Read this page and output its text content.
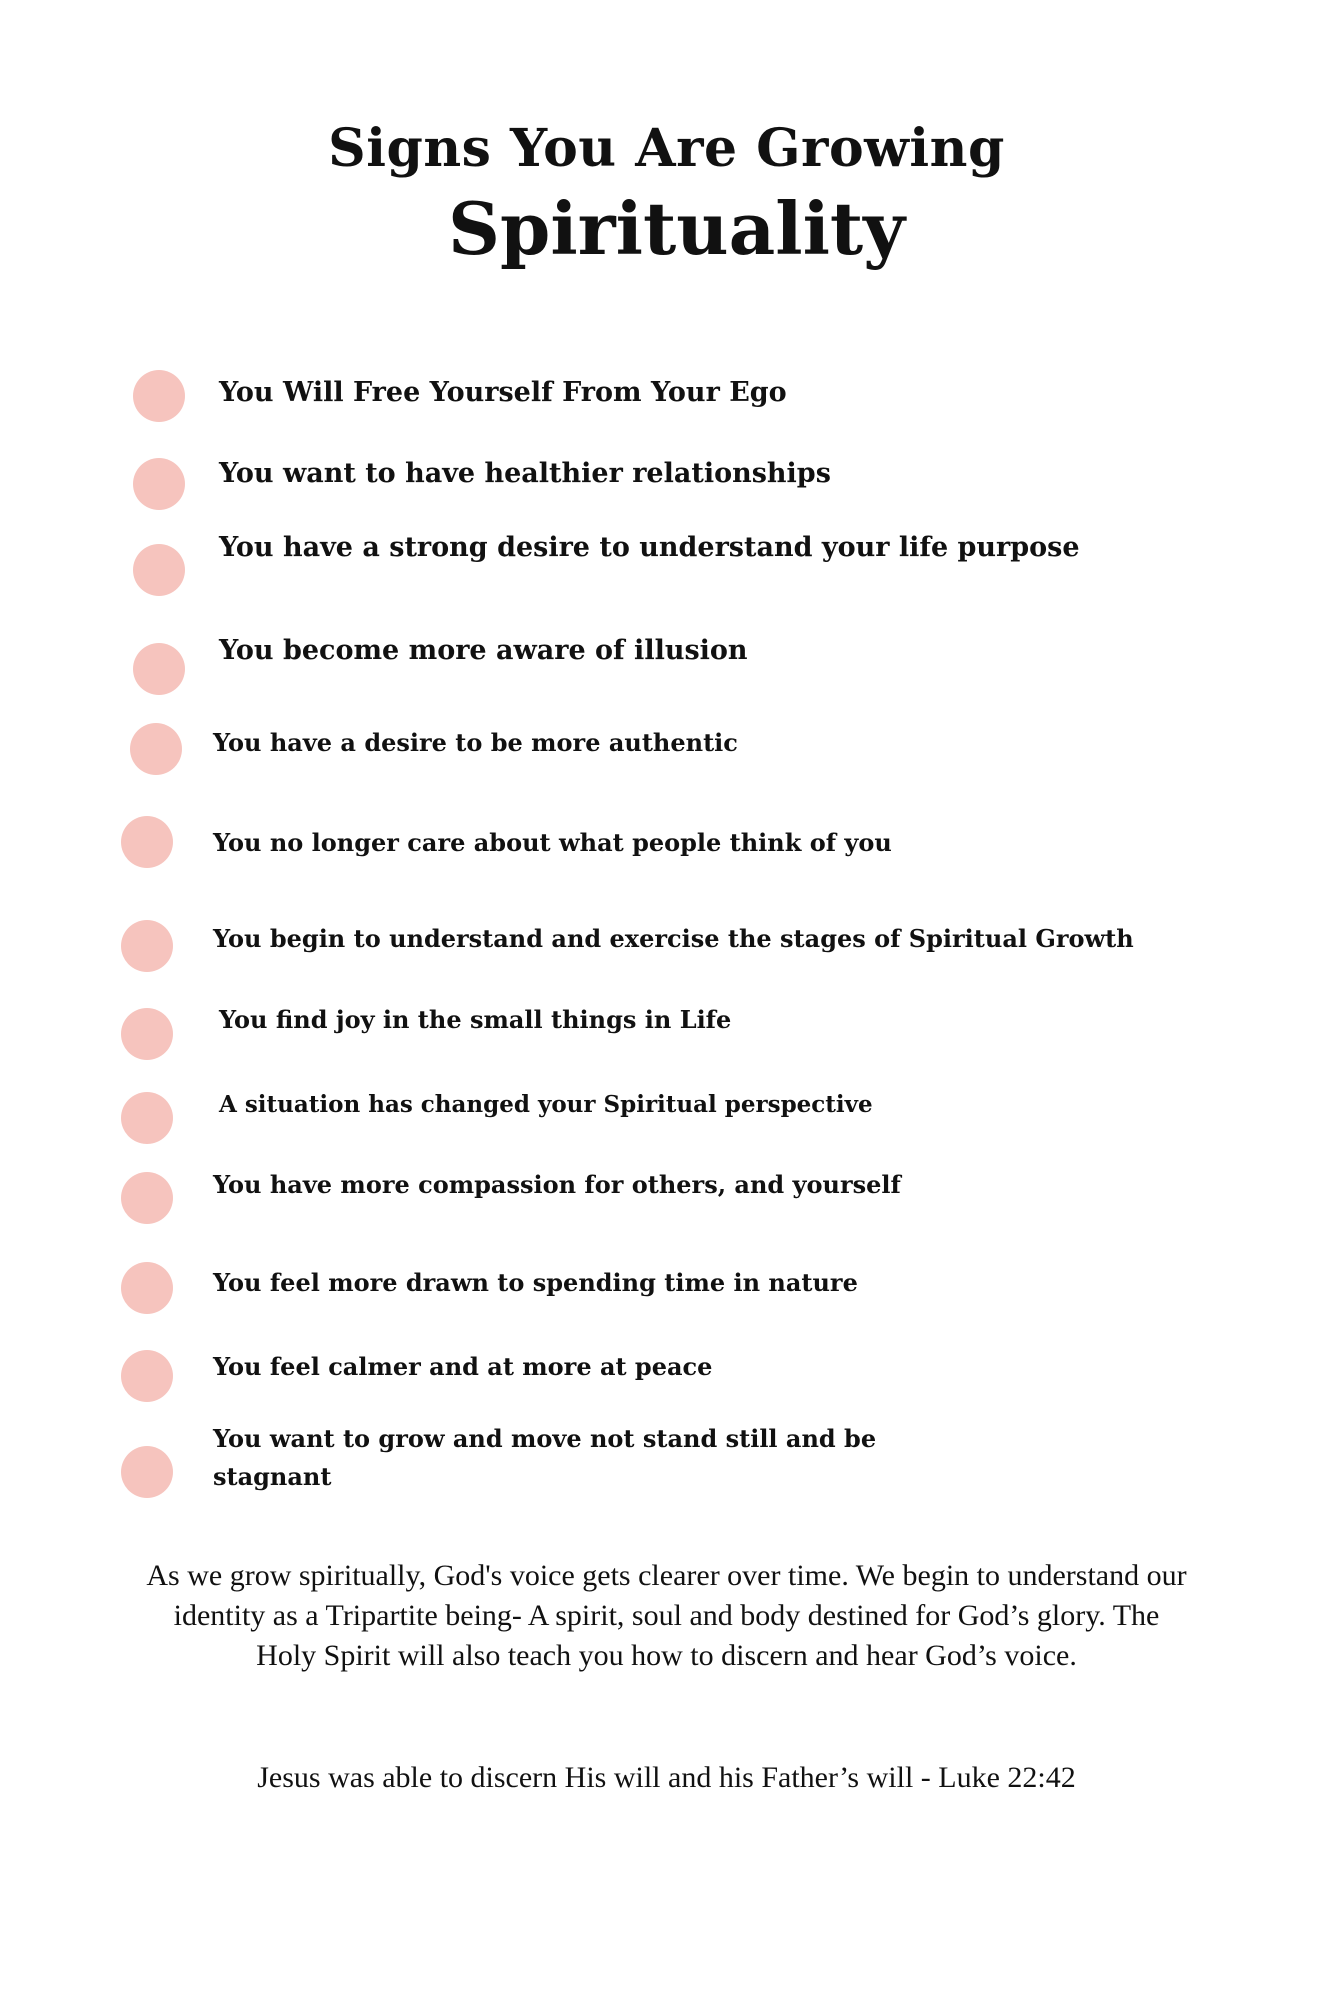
Signs You Are Growing
Spirituality
You Will Free Yourself From Your Ego
You want to have healthier relationships
You have a strong desire to understand your life purpose
You become more aware of illusion
You have a desire to be more authentic
You no longer care about what people think of you
You begin to understand and exercise the stages of Spiritual Growth
You find joy in the small things in Life
A situation has changed your Spiritual perspective
You have more compassion for others, and yourself
You feel more drawn to spending time in nature
You feel calmer and at more at peace
You want to grow and move not stand still and be stagnant
As we grow spiritually, God's voice gets clearer over time. We begin to understand our identity as a Tripartite being- A spirit, soul and body destined for God’s glory. The Holy Spirit will also teach you how to discern and hear God’s voice.
Jesus was able to discern His will and his Father’s will - Luke 22:42
